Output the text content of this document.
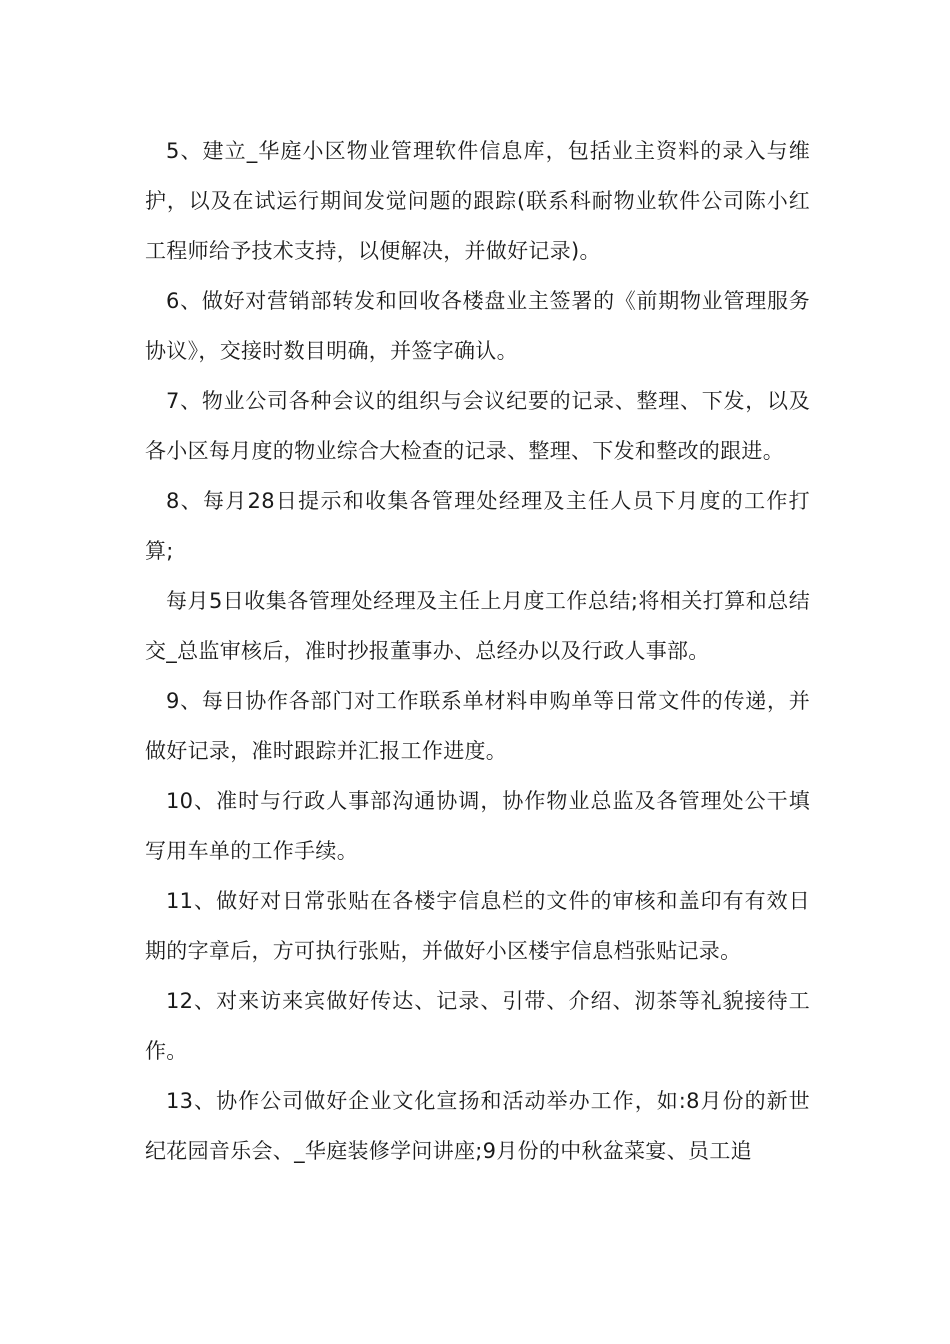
5、建立_华庭小区物业管理软件信息库，包括业主资料的录入与维护，以及在试运行期间发觉问题的跟踪(联系科耐物业软件公司陈小红工程师给予技术支持，以便解决，并做好记录)。

6、做好对营销部转发和回收各楼盘业主签署的《前期物业管理服务协议》，交接时数目明确，并签字确认。

7、物业公司各种会议的组织与会议纪要的记录、整理、下发，以及各小区每月度的物业综合大检查的记录、整理、下发和整改的跟进。

8、每月28日提示和收集各管理处经理及主任人员下月度的工作打算;

每月5日收集各管理处经理及主任上月度工作总结;将相关打算和总结交_总监审核后，准时抄报董事办、总经办以及行政人事部。

9、每日协作各部门对工作联系单材料申购单等日常文件的传递，并做好记录，准时跟踪并汇报工作进度。

10、准时与行政人事部沟通协调，协作物业总监及各管理处公干填写用车单的工作手续。

11、做好对日常张贴在各楼宇信息栏的文件的审核和盖印有有效日期的字章后，方可执行张贴，并做好小区楼宇信息档张贴记录。

12、对来访来宾做好传达、记录、引带、介绍、沏茶等礼貌接待工作。

13、协作公司做好企业文化宣扬和活动举办工作，如:8月份的新世纪花园音乐会、_华庭装修学问讲座;9月份的中秋盆菜宴、员工追
